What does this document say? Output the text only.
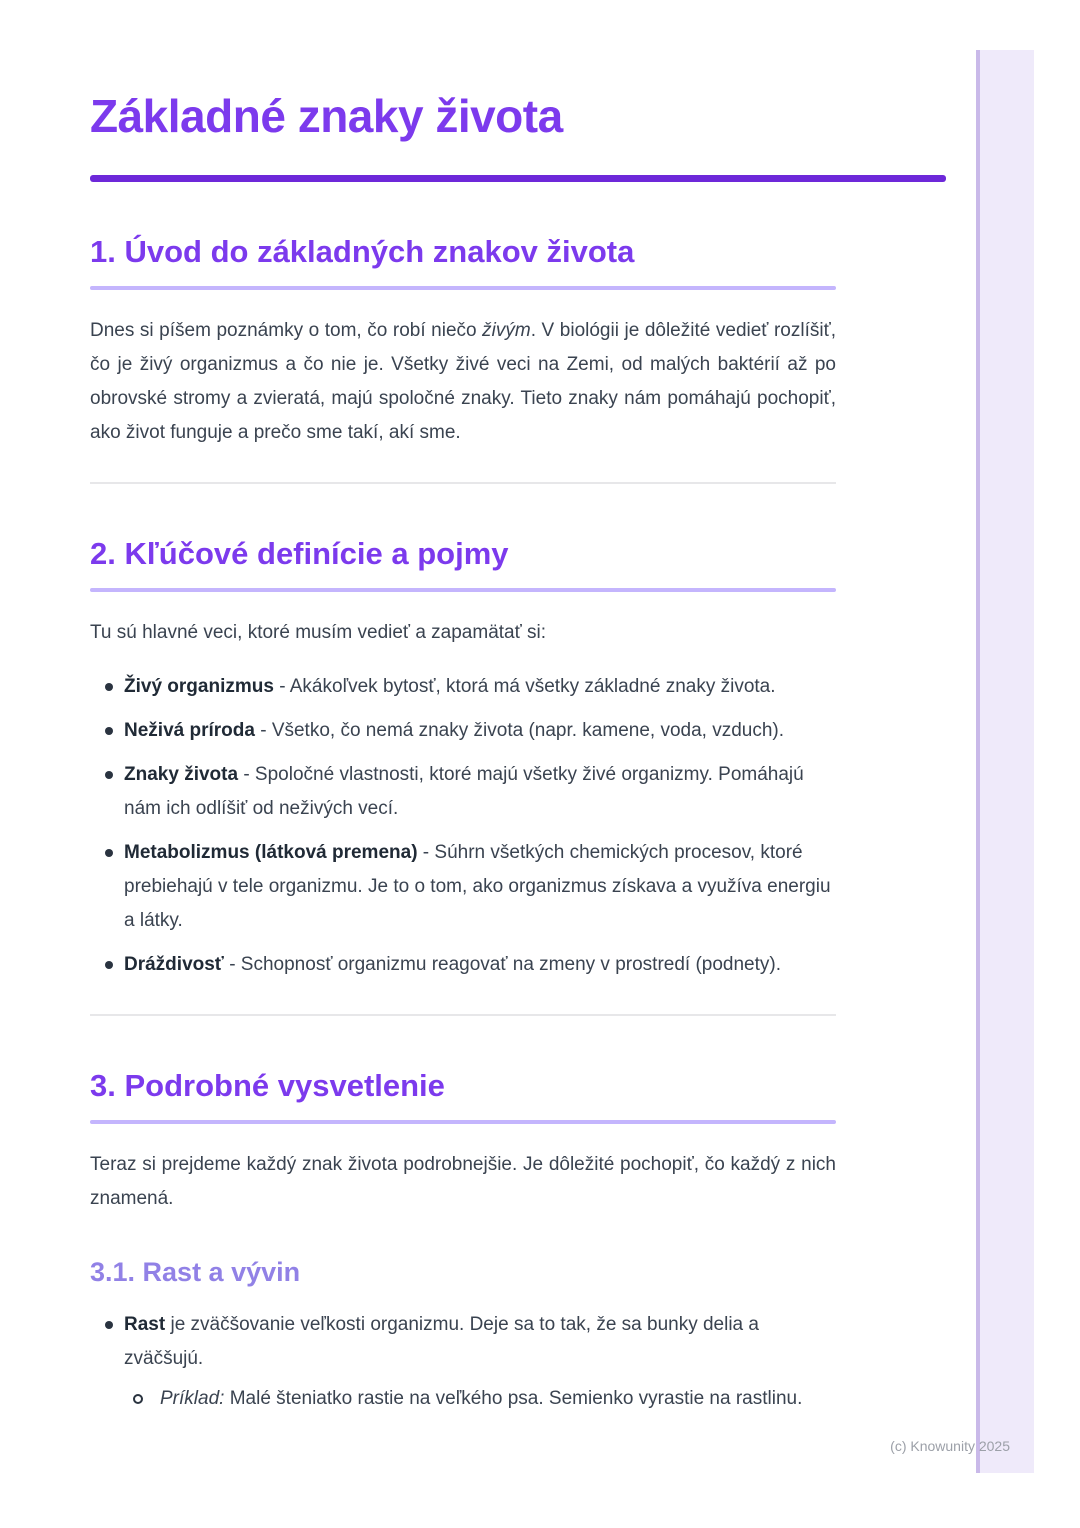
Základné znaky života
1. Úvod do základných znakov života

Dnes si píšem poznámky o tom, čo robí niečo živým. V biológii je dôležité vedieť rozlíšiť, čo je živý organizmus a čo nie je. Všetky živé veci na Zemi, od malých baktérií až po obrovské stromy a zvieratá, majú spoločné znaky. Tieto znaky nám pomáhajú pochopiť, ako život funguje a prečo sme takí, akí sme.

2. Kľúčové definície a pojmy

Tu sú hlavné veci, ktoré musím vedieť a zapamätať si:

Živý organizmus - Akákoľvek bytosť, ktorá má všetky základné znaky života.
Neživá príroda - Všetko, čo nemá znaky života (napr. kamene, voda, vzduch).
Znaky života - Spoločné vlastnosti, ktoré majú všetky živé organizmy. Pomáhajú nám ich odlíšiť od neživých vecí.
Metabolizmus (látková premena) - Súhrn všetkých chemických procesov, ktoré prebiehajú v tele organizmu. Je to o tom, ako organizmus získava a využíva energiu a látky.
Dráždivosť - Schopnosť organizmu reagovať na zmeny v prostredí (podnety).
3. Podrobné vysvetlenie

Teraz si prejdeme každý znak života podrobnejšie. Je dôležité pochopiť, čo každý z nich znamená.

3.1. Rast a vývin
Rast je zväčšovanie veľkosti organizmu. Deje sa to tak, že sa bunky delia a zväčšujú.
Príklad: Malé šteniatko rastie na veľkého psa. Semienko vyrastie na rastlinu.
(c) Knowunity 2025
